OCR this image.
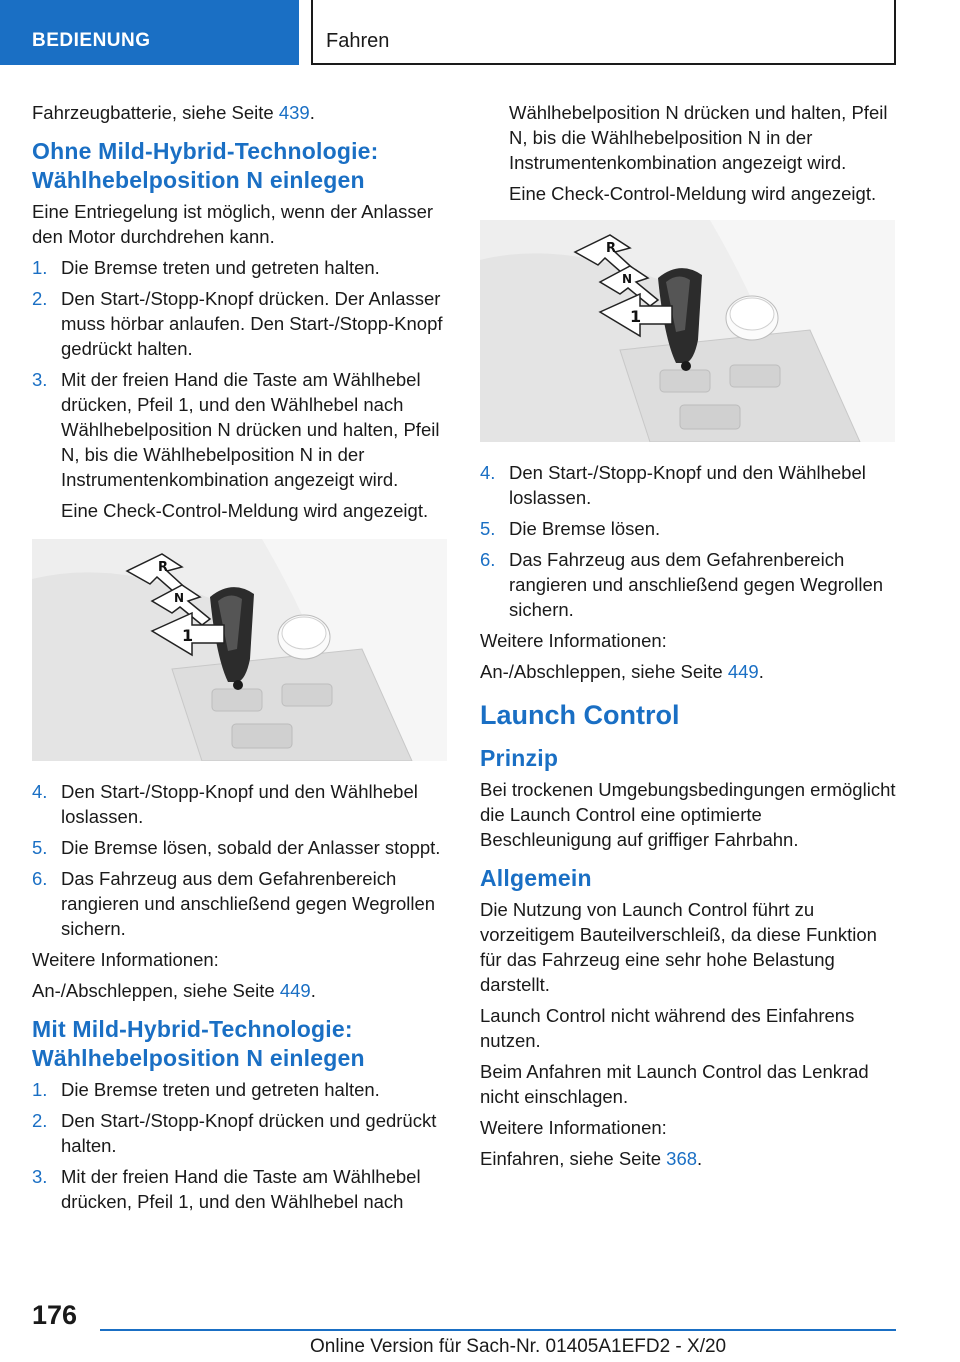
BEDIENUNG	Fahren

Fahrzeugbatterie, siehe Seite 439.

Ohne Mild-Hybrid-Technologie: Wählhebelposition N einlegen

Eine Entriegelung ist möglich, wenn der Anlasser den Motor durchdrehen kann.

1. Die Bremse treten und getreten halten.
2. Den Start-/Stopp-Knopf drücken. Der Anlasser muss hörbar anlaufen. Den Start-/Stopp-Knopf gedrückt halten.
3. Mit der freien Hand die Taste am Wählhebel drücken, Pfeil 1, und den Wählhebel nach Wählhebelposition N drücken und halten, Pfeil N, bis die Wählhebelposition N in der Instrumentenkombination angezeigt wird.

Eine Check-Control-Meldung wird angezeigt.

R
N
1
4. Den Start-/Stopp-Knopf und den Wählhebel loslassen.
5. Die Bremse lösen, sobald der Anlasser stoppt.
6. Das Fahrzeug aus dem Gefahrenbereich rangieren und anschließend gegen Wegrollen sichern.

Weitere Informationen:

An-/Abschleppen, siehe Seite 449.

Mit Mild-Hybrid-Technologie: Wählhebelposition N einlegen
1. Die Bremse treten und getreten halten.
2. Den Start-/Stopp-Knopf drücken und gedrückt halten.
3. Mit der freien Hand die Taste am Wählhebel drücken, Pfeil 1, und den Wählhebel nach

Wählhebelposition N drücken und halten, Pfeil N, bis die Wählhebelposition N in der Instrumentenkombination angezeigt wird.

Eine Check-Control-Meldung wird angezeigt.

R
N
1
4. Den Start-/Stopp-Knopf und den Wählhebel loslassen.
5. Die Bremse lösen.
6. Das Fahrzeug aus dem Gefahrenbereich rangieren und anschließend gegen Wegrollen sichern.

Weitere Informationen:

An-/Abschleppen, siehe Seite 449.

Launch Control
Prinzip

Bei trockenen Umgebungsbedingungen ermöglicht die Launch Control eine optimierte Beschleunigung auf griffiger Fahrbahn.

Allgemein

Die Nutzung von Launch Control führt zu vorzeitigem Bauteilverschleiß, da diese Funktion für das Fahrzeug eine sehr hohe Belastung darstellt.

Launch Control nicht während des Einfahrens nutzen.

Beim Anfahren mit Launch Control das Lenkrad nicht einschlagen.

Weitere Informationen:

Einfahren, siehe Seite 368.

176
Online Version für Sach-Nr. 01405A1EFD2 - X/20
